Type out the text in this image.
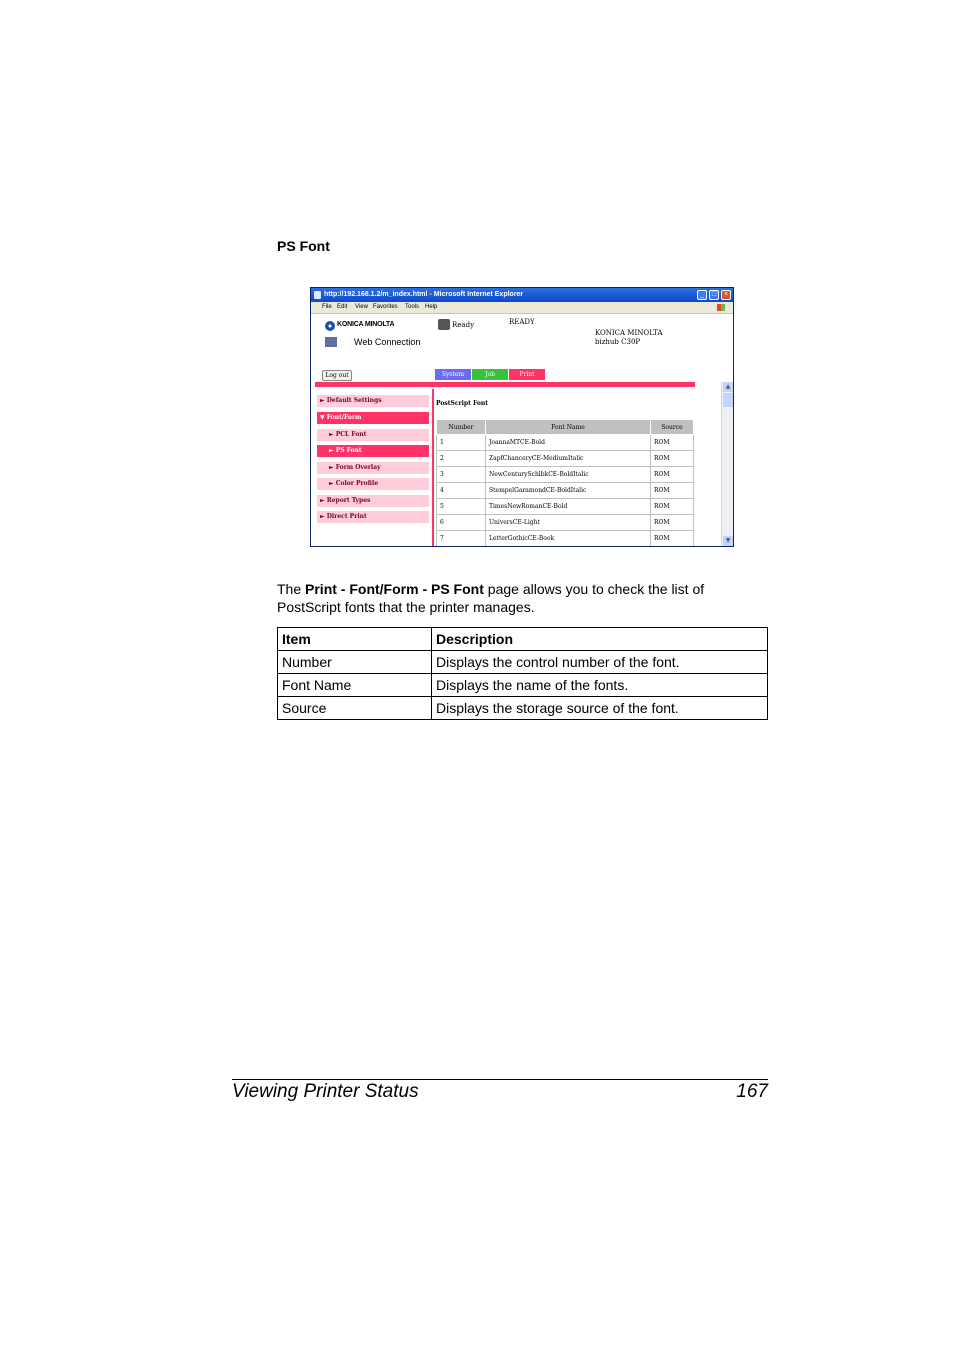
PS Font
http://192.168.1.2/m_index.html - Microsoft Internet Explorer	_	□	×
File Edit View Favorites Tools Help
KONICA MINOLTA
Web Connection
Ready	READY
KONICA MINOLTA
bizhub C30P
Log out	System	Job	Print
► Default Settings
▼ Font/Form
► PCL Font
► PS Font
► Form Overlay
► Color Profile
► Report Types
► Direct Print
PostScript Font
Number	Font Name	Source
1	JoannaMTCE-Bold	ROM
2	ZapfChanceryCE-MediumItalic	ROM
3	NewCenturySchlbkCE-BoldItalic	ROM
4	StempelGaramondCE-BoldItalic	ROM
5	TimesNewRomanCE-Bold	ROM
6	UniversCE-Light	ROM
7	LetterGothicCE-Book	ROM
▲
▼
The Print - Font/Form - PS Font page allows you to check the list of PostScript fonts that the printer manages.
Item	Description
Number	Displays the control number of the font.
Font Name	Displays the name of the fonts.
Source	Displays the storage source of the font.
Viewing Printer Status	167
